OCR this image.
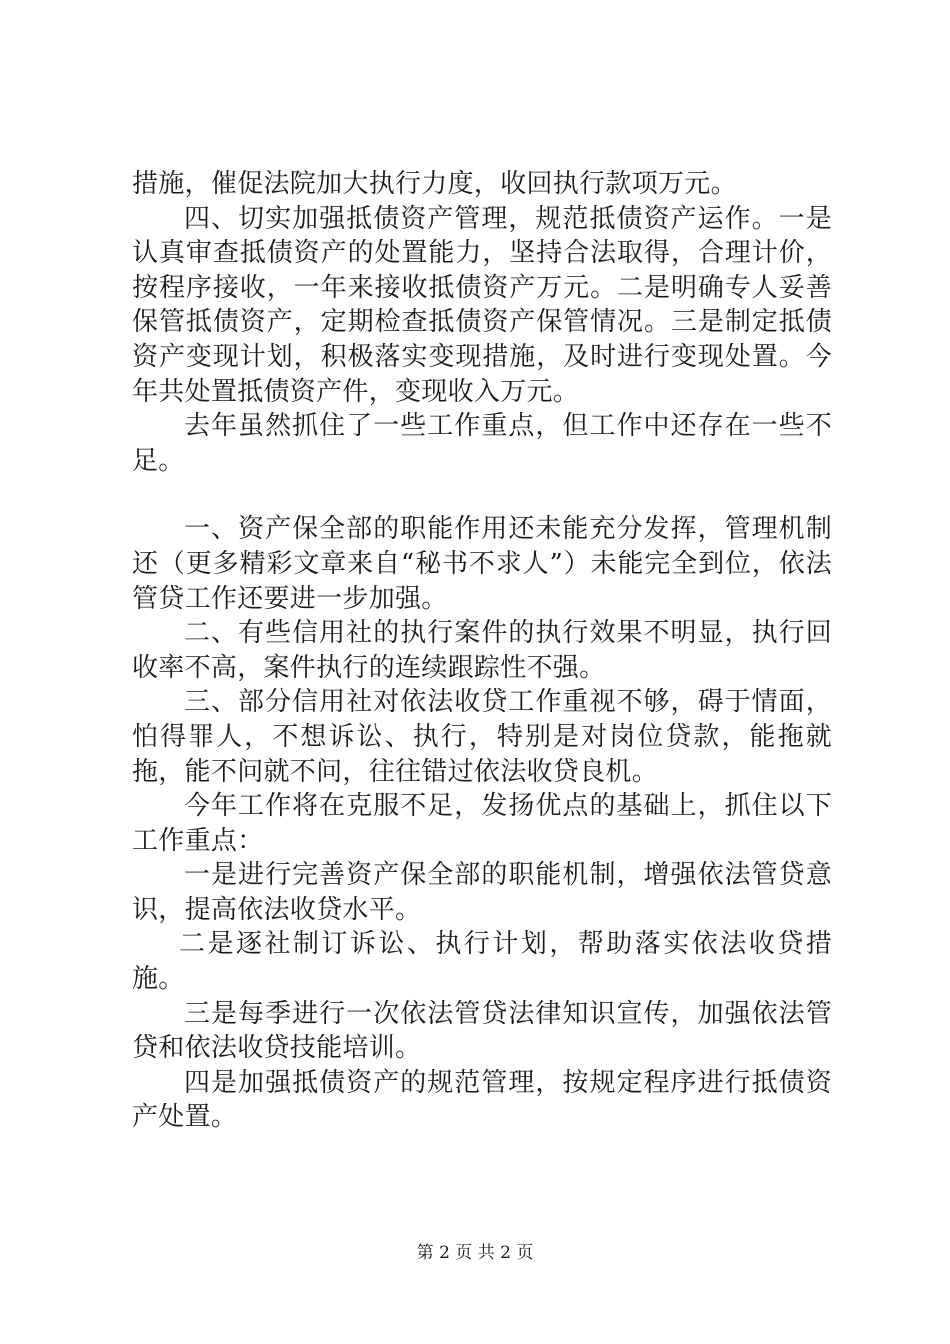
措施，催促法院加大执行力度，收回执行款项万元。

四、切实加强抵债资产管理，规范抵债资产运作。一是认真审查抵债资产的处置能力，坚持合法取得，合理计价，按程序接收，一年来接收抵债资产万元。二是明确专人妥善保管抵债资产，定期检查抵债资产保管情况。三是制定抵债资产变现计划，积极落实变现措施，及时进行变现处置。今年共处置抵债资产件，变现收入万元。

去年虽然抓住了一些工作重点，但工作中还存在一些不足。

一、资产保全部的职能作用还未能充分发挥，管理机制还（更多精彩文章来自“秘书不求人”）未能完全到位，依法管贷工作还要进一步加强。

二、有些信用社的执行案件的执行效果不明显，执行回收率不高，案件执行的连续跟踪性不强。

三、部分信用社对依法收贷工作重视不够，碍于情面，怕得罪人，不想诉讼、执行，特别是对岗位贷款，能拖就拖，能不问就不问，往往错过依法收贷良机。

今年工作将在克服不足，发扬优点的基础上，抓住以下工作重点：

一是进行完善资产保全部的职能机制，增强依法管贷意识，提高依法收贷水平。

二是逐社制订诉讼、执行计划，帮助落实依法收贷措施。

三是每季进行一次依法管贷法律知识宣传，加强依法管贷和依法收贷技能培训。

四是加强抵债资产的规范管理，按规定程序进行抵债资产处置。

第 2 页 共 2 页
